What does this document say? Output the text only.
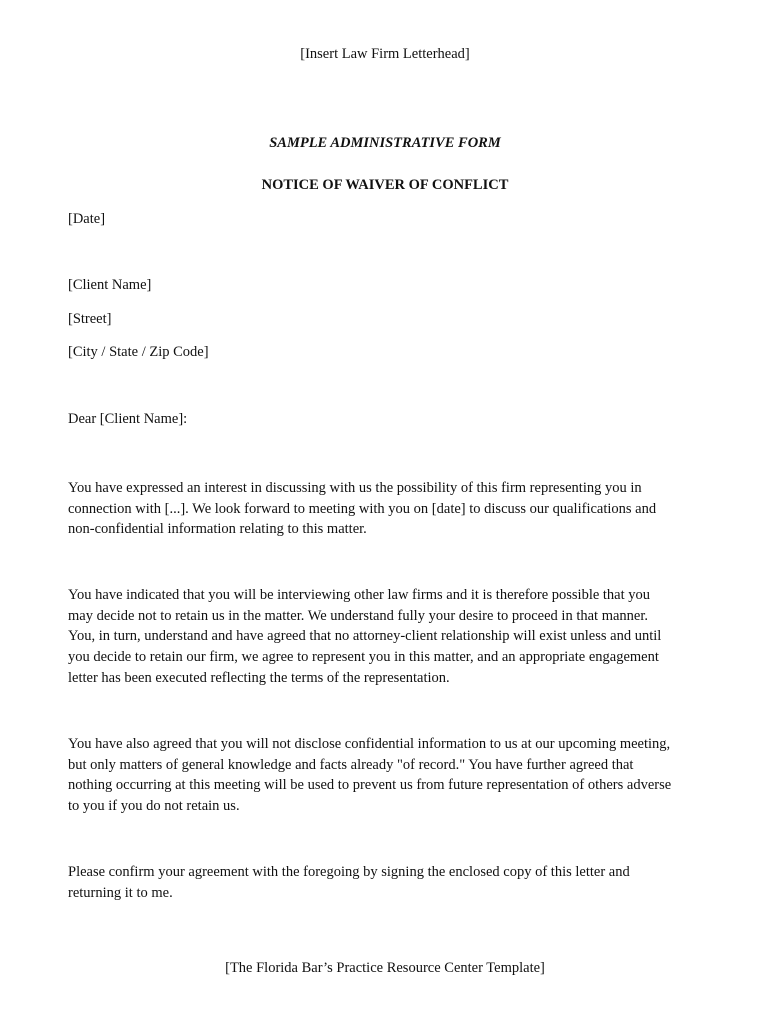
[Insert Law Firm Letterhead]
SAMPLE ADMINISTRATIVE FORM
NOTICE OF WAIVER OF CONFLICT
[Date]
[Client Name]
[Street]
[City / State / Zip Code]
Dear [Client Name]:
You have expressed an interest in discussing with us the possibility of this firm representing you in
connection with [...]. We look forward to meeting with you on [date] to discuss our qualifications and
non-confidential information relating to this matter.
You have indicated that you will be interviewing other law firms and it is therefore possible that you
may decide not to retain us in the matter. We understand fully your desire to proceed in that manner.
You, in turn, understand and have agreed that no attorney-client relationship will exist unless and until
you decide to retain our firm, we agree to represent you in this matter, and an appropriate engagement
letter has been executed reflecting the terms of the representation.
You have also agreed that you will not disclose confidential information to us at our upcoming meeting,
but only matters of general knowledge and facts already "of record." You have further agreed that
nothing occurring at this meeting will be used to prevent us from future representation of others adverse
to you if you do not retain us.
Please confirm your agreement with the foregoing by signing the enclosed copy of this letter and
returning it to me.
[The Florida Bar’s Practice Resource Center Template]
